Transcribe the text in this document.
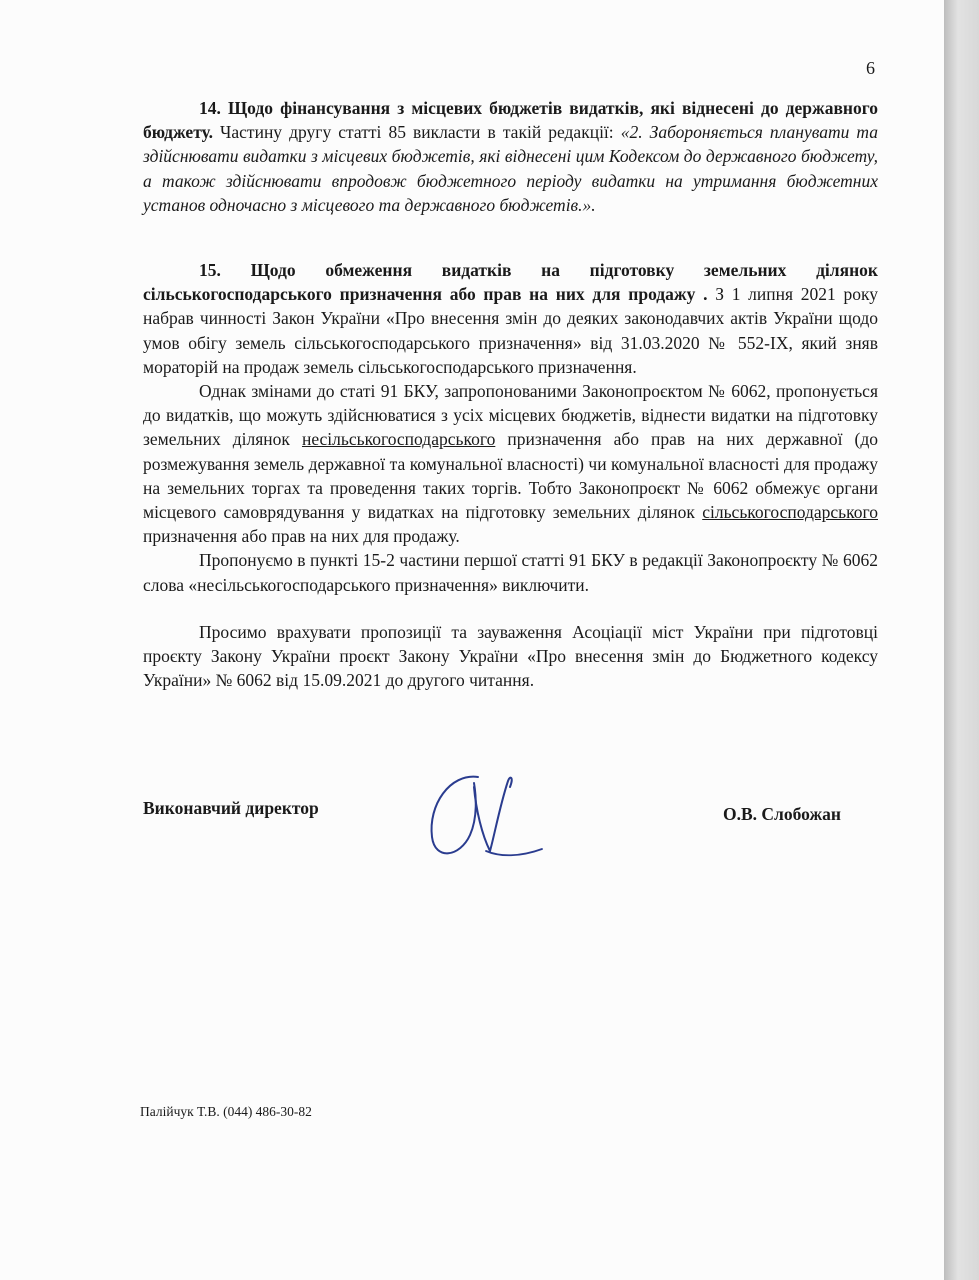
6

14. Щодо фінансування з місцевих бюджетів видатків, які віднесені до державного бюджету. Частину другу статті 85 викласти в такій редакції: «2. Забороняється планувати та здійснювати видатки з місцевих бюджетів, які віднесені цим Кодексом до державного бюджету, а також здійснювати впродовж бюджетного періоду видатки на утримання бюджетних установ одночасно з місцевого та державного бюджетів.».

15. Щодо обмеження видатків на підготовку земельних ділянок сільськогосподарського призначення або прав на них для продажу . З 1 липня 2021 року набрав чинності Закон України «Про внесення змін до деяких законодавчих актів України щодо умов обігу земель сільськогосподарського призначення» від 31.03.2020 № 552-IX, який зняв мораторій на продаж земель сільськогосподарського призначення.

Однак змінами до статі 91 БКУ, запропонованими Законопроєктом № 6062, пропонується до видатків, що можуть здійснюватися з усіх місцевих бюджетів, віднести видатки на підготовку земельних ділянок несільськогосподарського призначення або прав на них державної (до розмежування земель державної та комунальної власності) чи комунальної власності для продажу на земельних торгах та проведення таких торгів. Тобто Законопроєкт № 6062 обмежує органи місцевого самоврядування у видатках на підготовку земельних ділянок сільськогосподарського призначення або прав на них для продажу.

Пропонуємо в пункті 15-2 частини першої статті 91 БКУ в редакції Законопроєкту № 6062 слова «несільськогосподарського призначення» виключити.

Просимо врахувати пропозиції та зауваження Асоціації міст України при підготовці проєкту Закону України проєкт Закону України «Про внесення змін до Бюджетного кодексу України» № 6062 від 15.09.2021 до другого читання.

Виконавчий директор	О.В. Слобожан
Палійчук Т.В. (044) 486-30-82
